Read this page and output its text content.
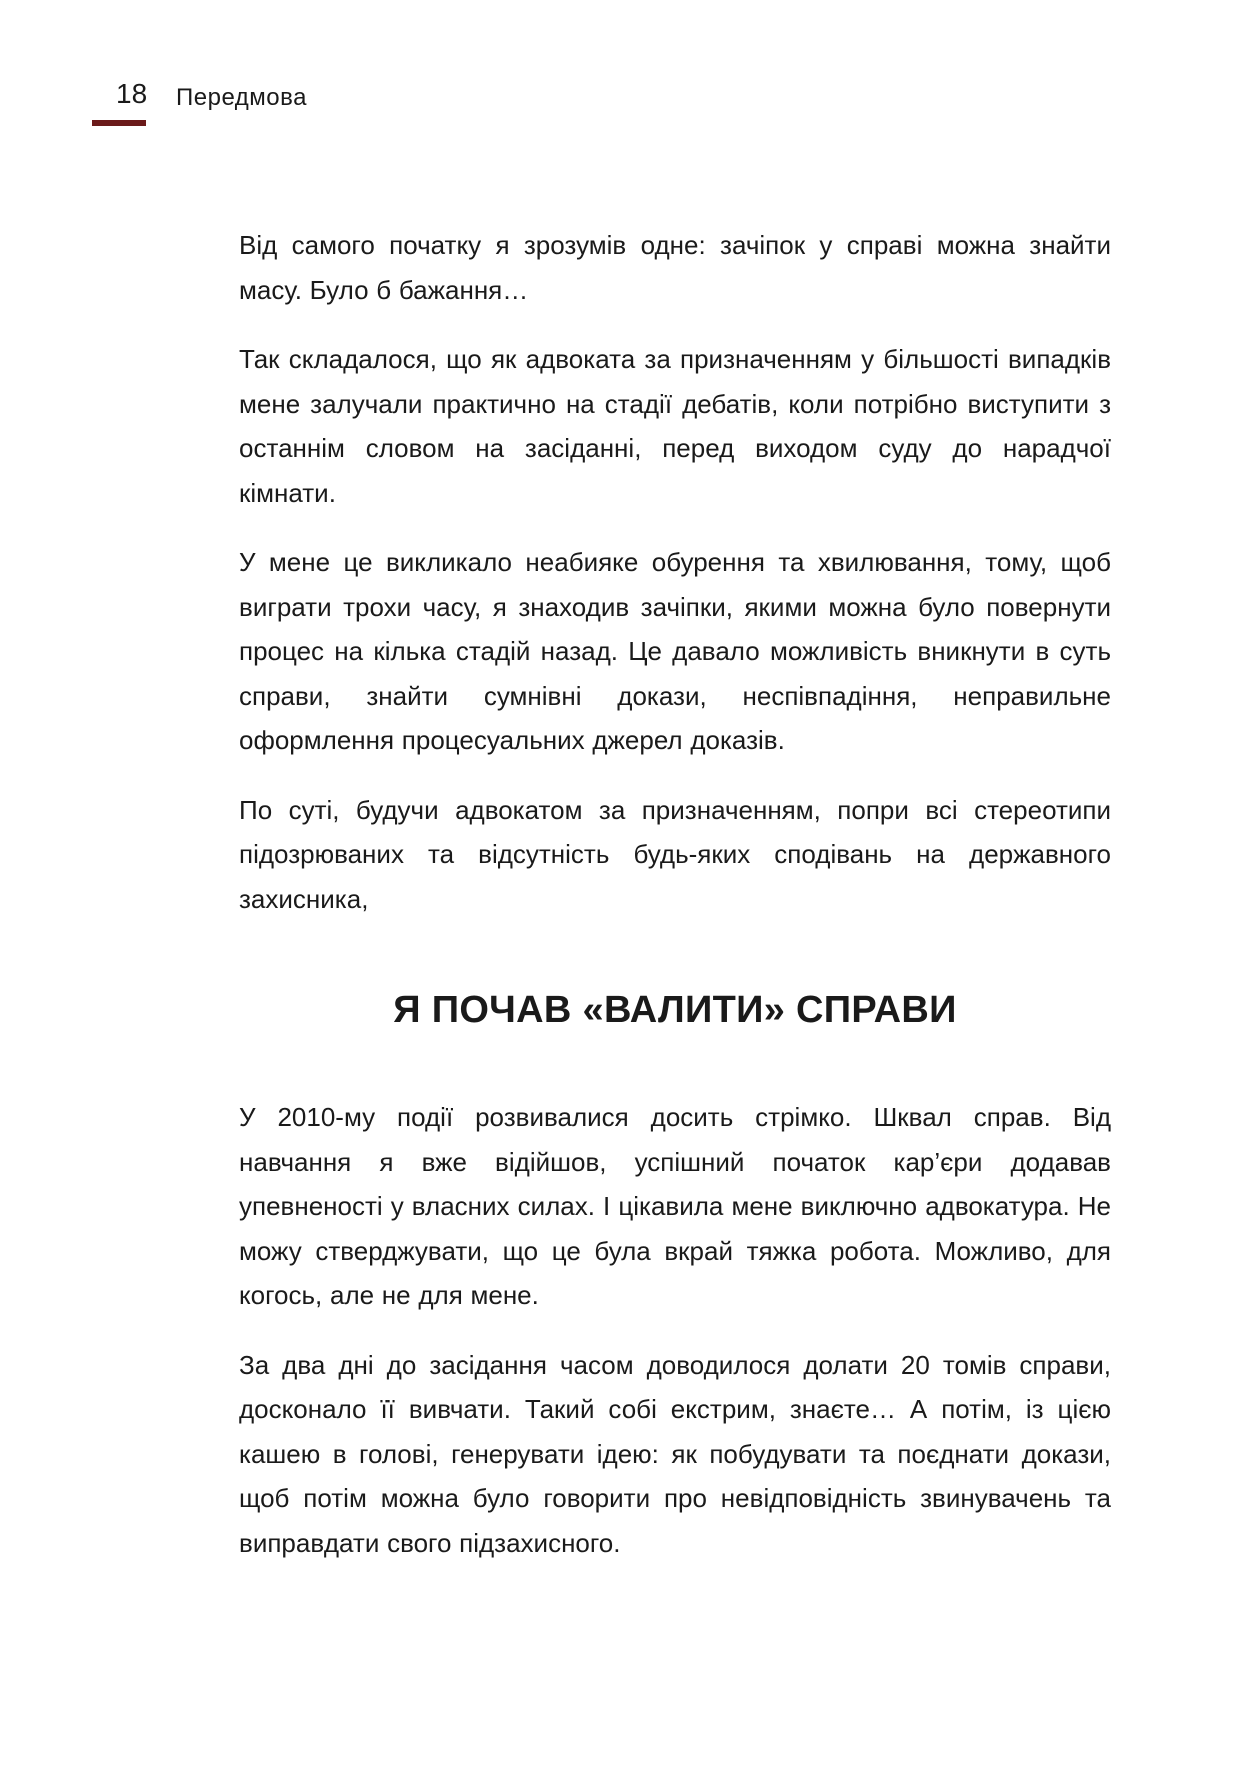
18 Передмова

Від самого початку я зрозумів одне: зачіпок у справі можна знайти масу. Було б бажання…

Так складалося, що як адвоката за призначенням у більшості випадків мене залучали практично на стадії дебатів, коли потрібно виступити з останнім словом на засіданні, перед виходом суду до нарадчої кімнати.

У мене це викликало неабияке обурення та хвилювання, тому, щоб виграти трохи часу, я знаходив зачіпки, якими можна було повернути процес на кілька стадій назад. Це давало можливість вникнути в суть справи, знайти сумнівні докази, неспівпадіння, неправильне оформлення процесуальних джерел доказів.

По суті, будучи адвокатом за призначенням, попри всі стереотипи підозрюваних та відсутність будь-яких сподівань на державного захисника,

Я ПОЧАВ «ВАЛИТИ» СПРАВИ

У 2010-му події розвивалися досить стрімко. Шквал справ. Від навчання я вже відійшов, успішний початок кар’єри додавав упевненості у власних силах. І цікавила мене виключно адвокатура. Не можу стверджувати, що це була вкрай тяжка робота. Можливо, для когось, але не для мене.

За два дні до засідання часом доводилося долати 20 томів справи, досконало її вивчати. Такий собі екстрим, знаєте… А потім, із цією кашею в голові, генерувати ідею: як побудувати та поєднати докази, щоб потім можна було говорити про невідповідність звинувачень та виправдати свого підзахисного.
